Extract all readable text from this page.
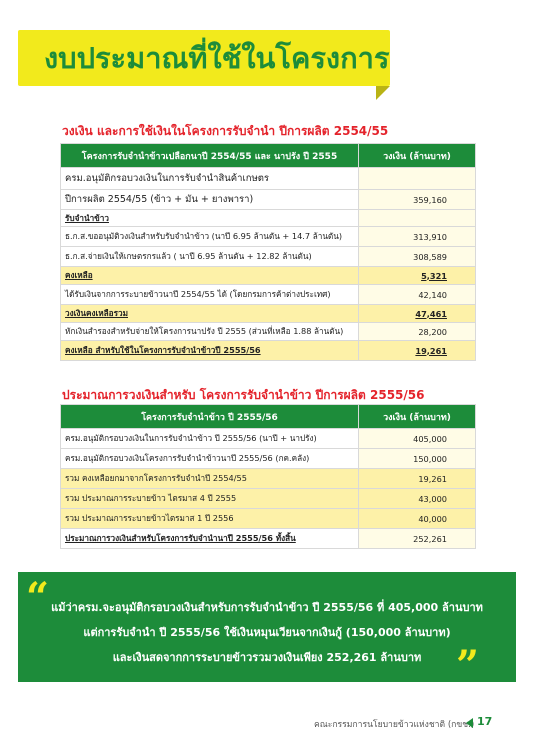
งบประมาณที่ใช้ในโครงการ
วงเงิน และการใช้เงินในโครงการรับจำนำ ปีการผลิต 2554/55
โครงการรับจำนำข้าวเปลือกนาปี 2554/55 และ นาปรัง ปี 2555	วงเงิน (ล้านบาท)
ครม.อนุมัติกรอบวงเงินในการรับจำนำสินค้าเกษตร	
ปีการผลิต 2554/55 (ข้าว + มัน + ยางพารา)	359,160
รับจำนำข้าว	
ธ.ก.ส.ขออนุมัติวงเงินสำหรับรับจำนำข้าว (นาปี 6.95 ล้านตัน + 14.7 ล้านตัน)	313,910
ธ.ก.ส.จ่ายเงินให้เกษตรกรแล้ว ( นาปี 6.95 ล้านตัน + 12.82 ล้านตัน)	308,589
คงเหลือ	5,321
ได้รับเงินจากการระบายข้าวนาปี 2554/55 ได้ (โดยกรมการค้าต่างประเทศ)	42,140
วงเงินคงเหลือรวม	47,461
หักเงินสำรองสำหรับจ่ายให้โครงการนาปรัง ปี 2555 (ส่วนที่เหลือ 1.88 ล้านตัน)	28,200
คงเหลือ สำหรับใช้ในโครงการรับจำนำข้าวปี 2555/56	19,261
ประมาณการวงเงินสำหรับ โครงการรับจำนำข้าว ปีการผลิต 2555/56
โครงการรับจำนำข้าว ปี 2555/56	วงเงิน (ล้านบาท)
ครม.อนุมัติกรอบวงเงินในการรับจำนำข้าว ปี 2555/56 (นาปี + นาปรัง)	405,000
ครม.อนุมัติกรอบวงเงินโครงการรับจำนำข้าวนาปี 2555/56 (กค.คลัง)	150,000
รวม คงเหลือยกมาจากโครงการรับจำนำปี 2554/55	19,261
รวม ประมาณการระบายข้าว ไตรมาส 4 ปี 2555	43,000
รวม ประมาณการระบายข้าวไตรมาส 1 ปี 2556	40,000
ประมาณการวงเงินสำหรับโครงการรับจำนำนาปี 2555/56 ทั้งสิ้น	252,261
“ แม้ว่าครม.จะอนุมัติกรอบวงเงินสำหรับการรับจำนำข้าว ปี 2555/56 ที่ 405,000 ล้านบาท
แต่การรับจำนำ ปี 2555/56 ใช้เงินหมุนเวียนจากเงินกู้ (150,000 ล้านบาท)
และเงินสดจากการระบายข้าวรวมวงเงินเพียง 252,261 ล้านบาท ”
คณะกรรมการนโยบายข้าวแห่งชาติ (กขช.) 17
